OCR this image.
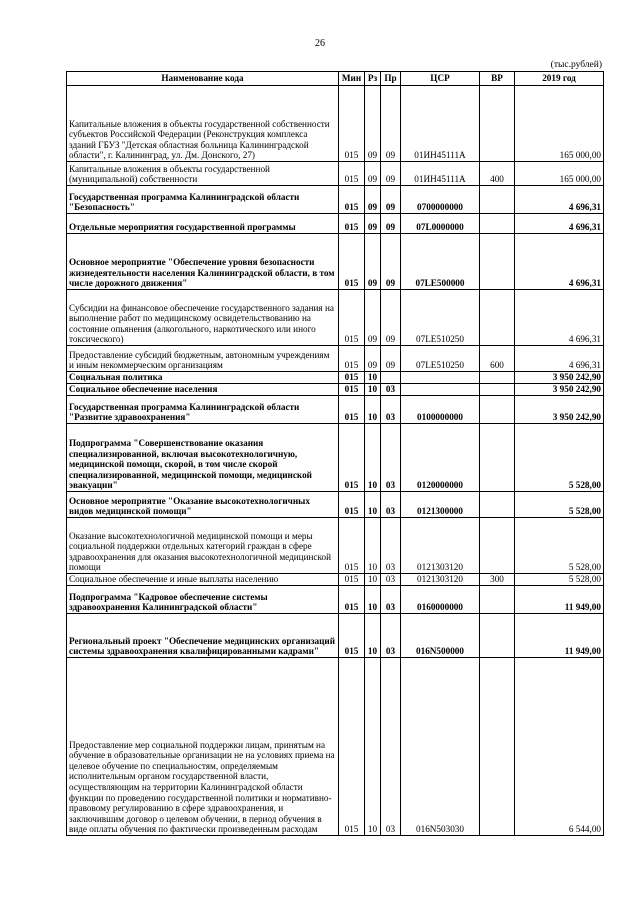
26
(тыс.рублей)
Наименование кода	Мин	Рз	Пр	ЦСР	ВР	2019 год
Капитальные вложения в объекты государственной собственности субъектов Российской Федерации (Реконструкция комплекса зданий ГБУЗ "Детская областная больница Калининградской области", г. Калининград, ул. Дм. Донского, 27)	015	09	09	01ИН45111А		165 000,00
Капитальные вложения в объекты государственной (муниципальной) собственности	015	09	09	01ИН45111А	400	165 000,00
Государственная программа Калининградской области "Безопасность"	015	09	09	0700000000		4 696,31
Отдельные мероприятия государственной программы	015	09	09	07L0000000		4 696,31
Основное мероприятие "Обеспечение уровня безопасности жизнедеятельности населения Калининградской области, в том числе дорожного движения"	015	09	09	07LE500000		4 696,31
Субсидии на финансовое обеспечение государственного задания на выполнение работ по медицинскому освидетельствованию на состояние опьянения (алкогольного, наркотического или иного токсического)	015	09	09	07LE510250		4 696,31
Предоставление субсидий бюджетным, автономным учреждениям и иным некоммерческим организациям	015	09	09	07LE510250	600	4 696,31
Социальная политика	015	10				3 950 242,90
Социальное обеспечение населения	015	10	03			3 950 242,90
Государственная программа Калининградской области "Развитие здравоохранения"	015	10	03	0100000000		3 950 242,90
Подпрограмма "Совершенствование оказания специализированной, включая высокотехнологичную, медицинской помощи, скорой, в том числе скорой специализированной, медицинской помощи, медицинской эвакуации"	015	10	03	0120000000		5 528,00
Основное мероприятие "Оказание высокотехнологичных видов медицинской помощи"	015	10	03	0121300000		5 528,00
Оказание высокотехнологичной медицинской помощи и меры социальной поддержки отдельных категорий граждан в сфере здравоохранения для оказания высокотехнологичной медицинской помощи	015	10	03	0121303120		5 528,00
Социальное обеспечение и иные выплаты населению	015	10	03	0121303120	300	5 528,00
Подпрограмма "Кадровое обеспечение системы здравоохранения Калининградской области"	015	10	03	0160000000		11 949,00
Региональный проект "Обеспечение медицинских организаций системы здравоохранения квалифицированными кадрами"	015	10	03	016N500000		11 949,00
Предоставление мер социальной поддержки лицам, принятым на обучение в образовательные организации не на условиях приема на целевое обучение по специальностям, определяемым исполнительным органом государственной власти, осуществляющим на территории Калининградской области функции по проведению государственной политики и нормативно-правовому регулированию в сфере здравоохранения, и заключившим договор о целевом обучении, в период обучения в виде оплаты обучения по фактически произведенным расходам	015	10	03	016N503030		6 544,00
